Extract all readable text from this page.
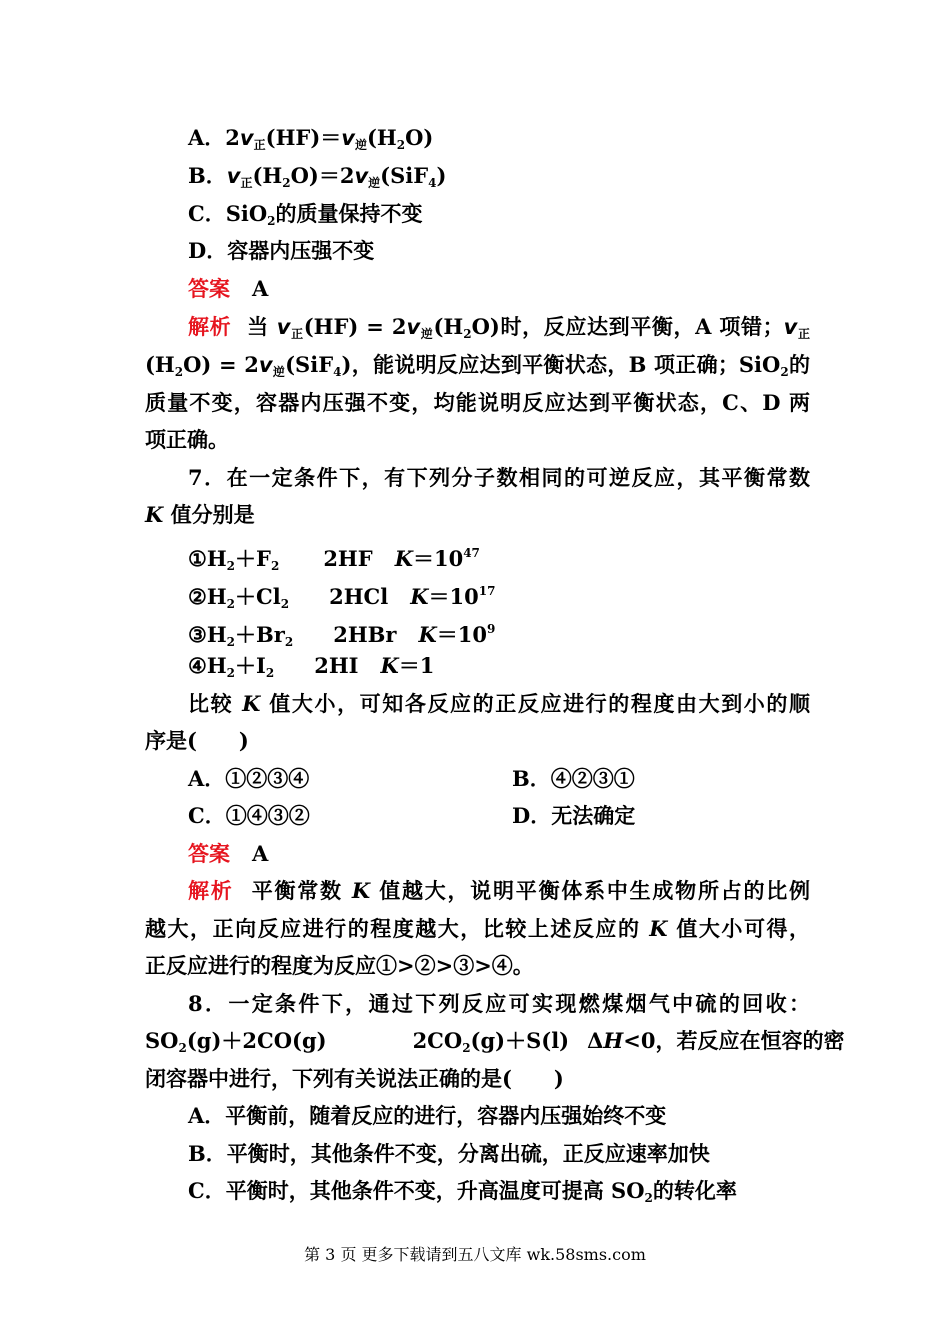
A．2v正(HF)＝v逆$(H_2O)$
B．v正$(H_2O)=2v$逆(SiF$_4$)
C．SiO$_2$的质量保持不变
D．容器内压强不变
答案 A
解析  当 v正(HF) = 2v逆$(H_2O)$时，反应达到平衡，A 项错；v正
$(H_2O) = 2v$逆(SiF$_4$)，能说明反应达到平衡状态，B 项正确；SiO$_2$的
质量不变，容器内压强不变，均能说明反应达到平衡状态，C、D 两
项正确。
7．在一定条件下，有下列分子数相同的可逆反应，其平衡常数
K 值分别是
$①H_2+F_2$ 2HF $K=10^{47}$
$②H_2+Cl_2$ 2HCl $K=10^{17}$
$③H_2+Br_2$ 2HBr $K=10^9$
$④H_2+I_2$ 2HI K＝1
比较 K 值大小，可知各反应的正反应进行的程度由大到小的顺
序是(　　)
A．①②③④	B．④②③①
C．①④③②	D．无法确定
答案 A
解析  平衡常数 K 值越大，说明平衡体系中生成物所占的比例
越大，正向反应进行的程度越大，比较上述反应的 K 值大小可得，
正反应进行的程度为反应①>②>③>④。
8．一定条件下，通过下列反应可实现燃煤烟气中硫的回收：
$SO_2(g)+2CO(g)$	$2CO_2(g)+S(l)$ ΔH<0，若反应在恒容的密
闭容器中进行，下列有关说法正确的是(　　)
A．平衡前，随着反应的进行，容器内压强始终不变
B．平衡时，其他条件不变，分离出硫，正反应速率加快
C．平衡时，其他条件不变，升高温度可提高 $SO_2$的转化率
第 3 页 更多下载请到五八文库 wk.58sms.com
